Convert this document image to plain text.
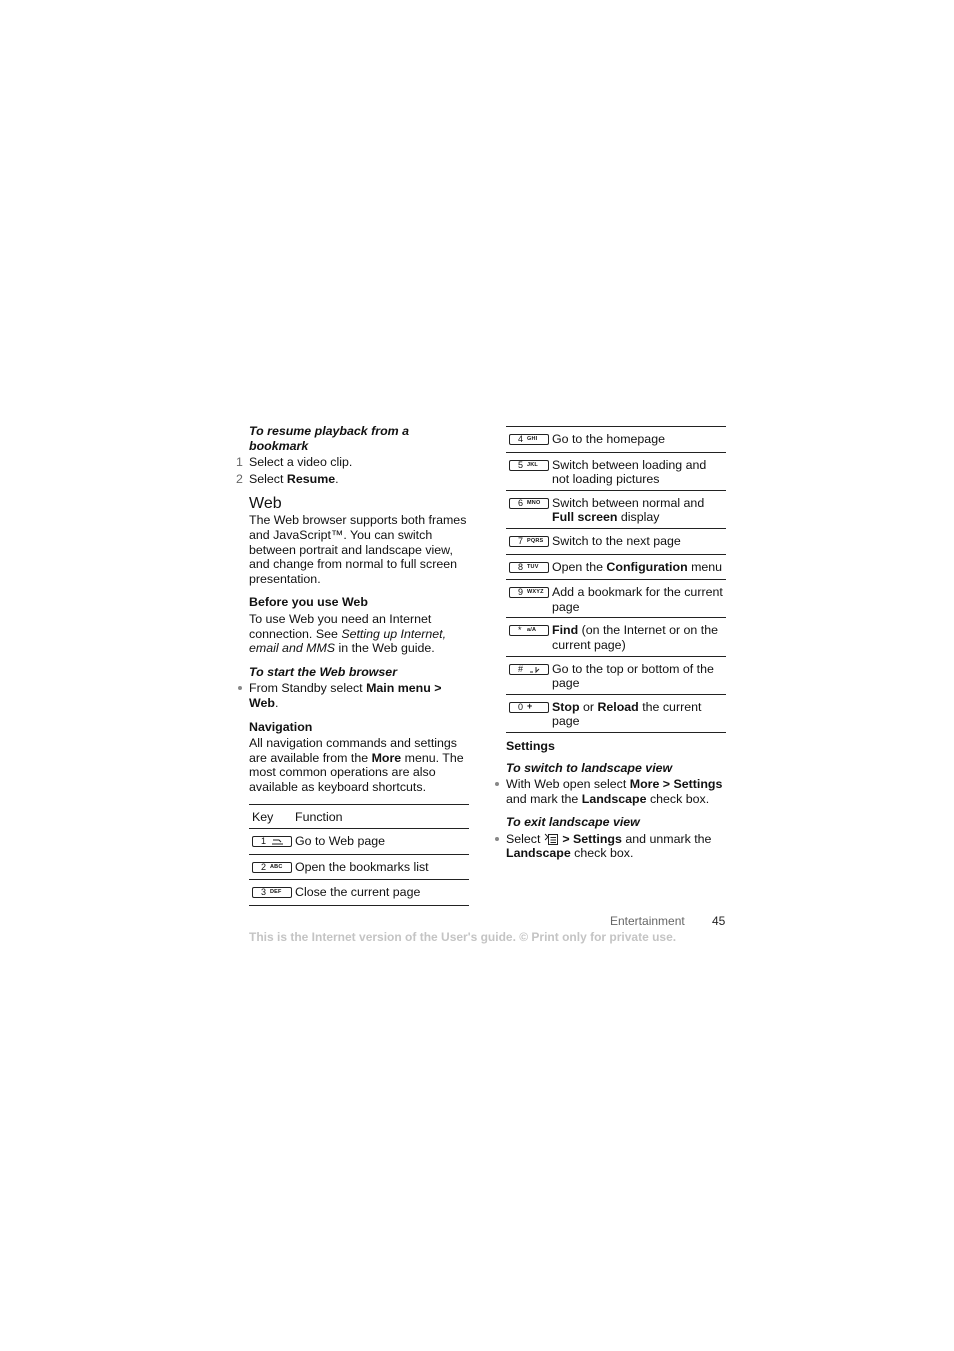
To resume playback from a bookmark
1 Select a video clip.
2 Select Resume.
Web
The Web browser supports both frames and JavaScript™. You can switch between portrait and landscape view, and change from normal to full screen presentation.
Before you use Web
To use Web you need an Internet connection. See Setting up Internet, email and MMS in the Web guide.
To start the Web browser
From Standby select Main menu > Web.
Navigation
All navigation commands and settings are available from the More menu. The most common operations are also available as keyboard shortcuts.
Key	Function

1	Go to Web page

2 ABC	Open the bookmarks list

3 DEF	Close the current page
4 GHI	Go to the homepage

5 JKL	Switch between loading and not loading pictures

6 MNO	Switch between normal and Full screen display

7 PQRS	Switch to the next page

8 TUV	Open the Configuration menu

9 WXYZ	Add a bookmark for the current page

* a/A	Find (on the Internet or on the current page)

#	Go to the top or bottom of the page

0 +	Stop or Reload the current page
Settings
To switch to landscape view
With Web open select More > Settings and mark the Landscape check box.
To exit landscape view
Select  > Settings and unmark the Landscape check box.
Entertainment 45
This is the Internet version of the User's guide. © Print only for private use.
